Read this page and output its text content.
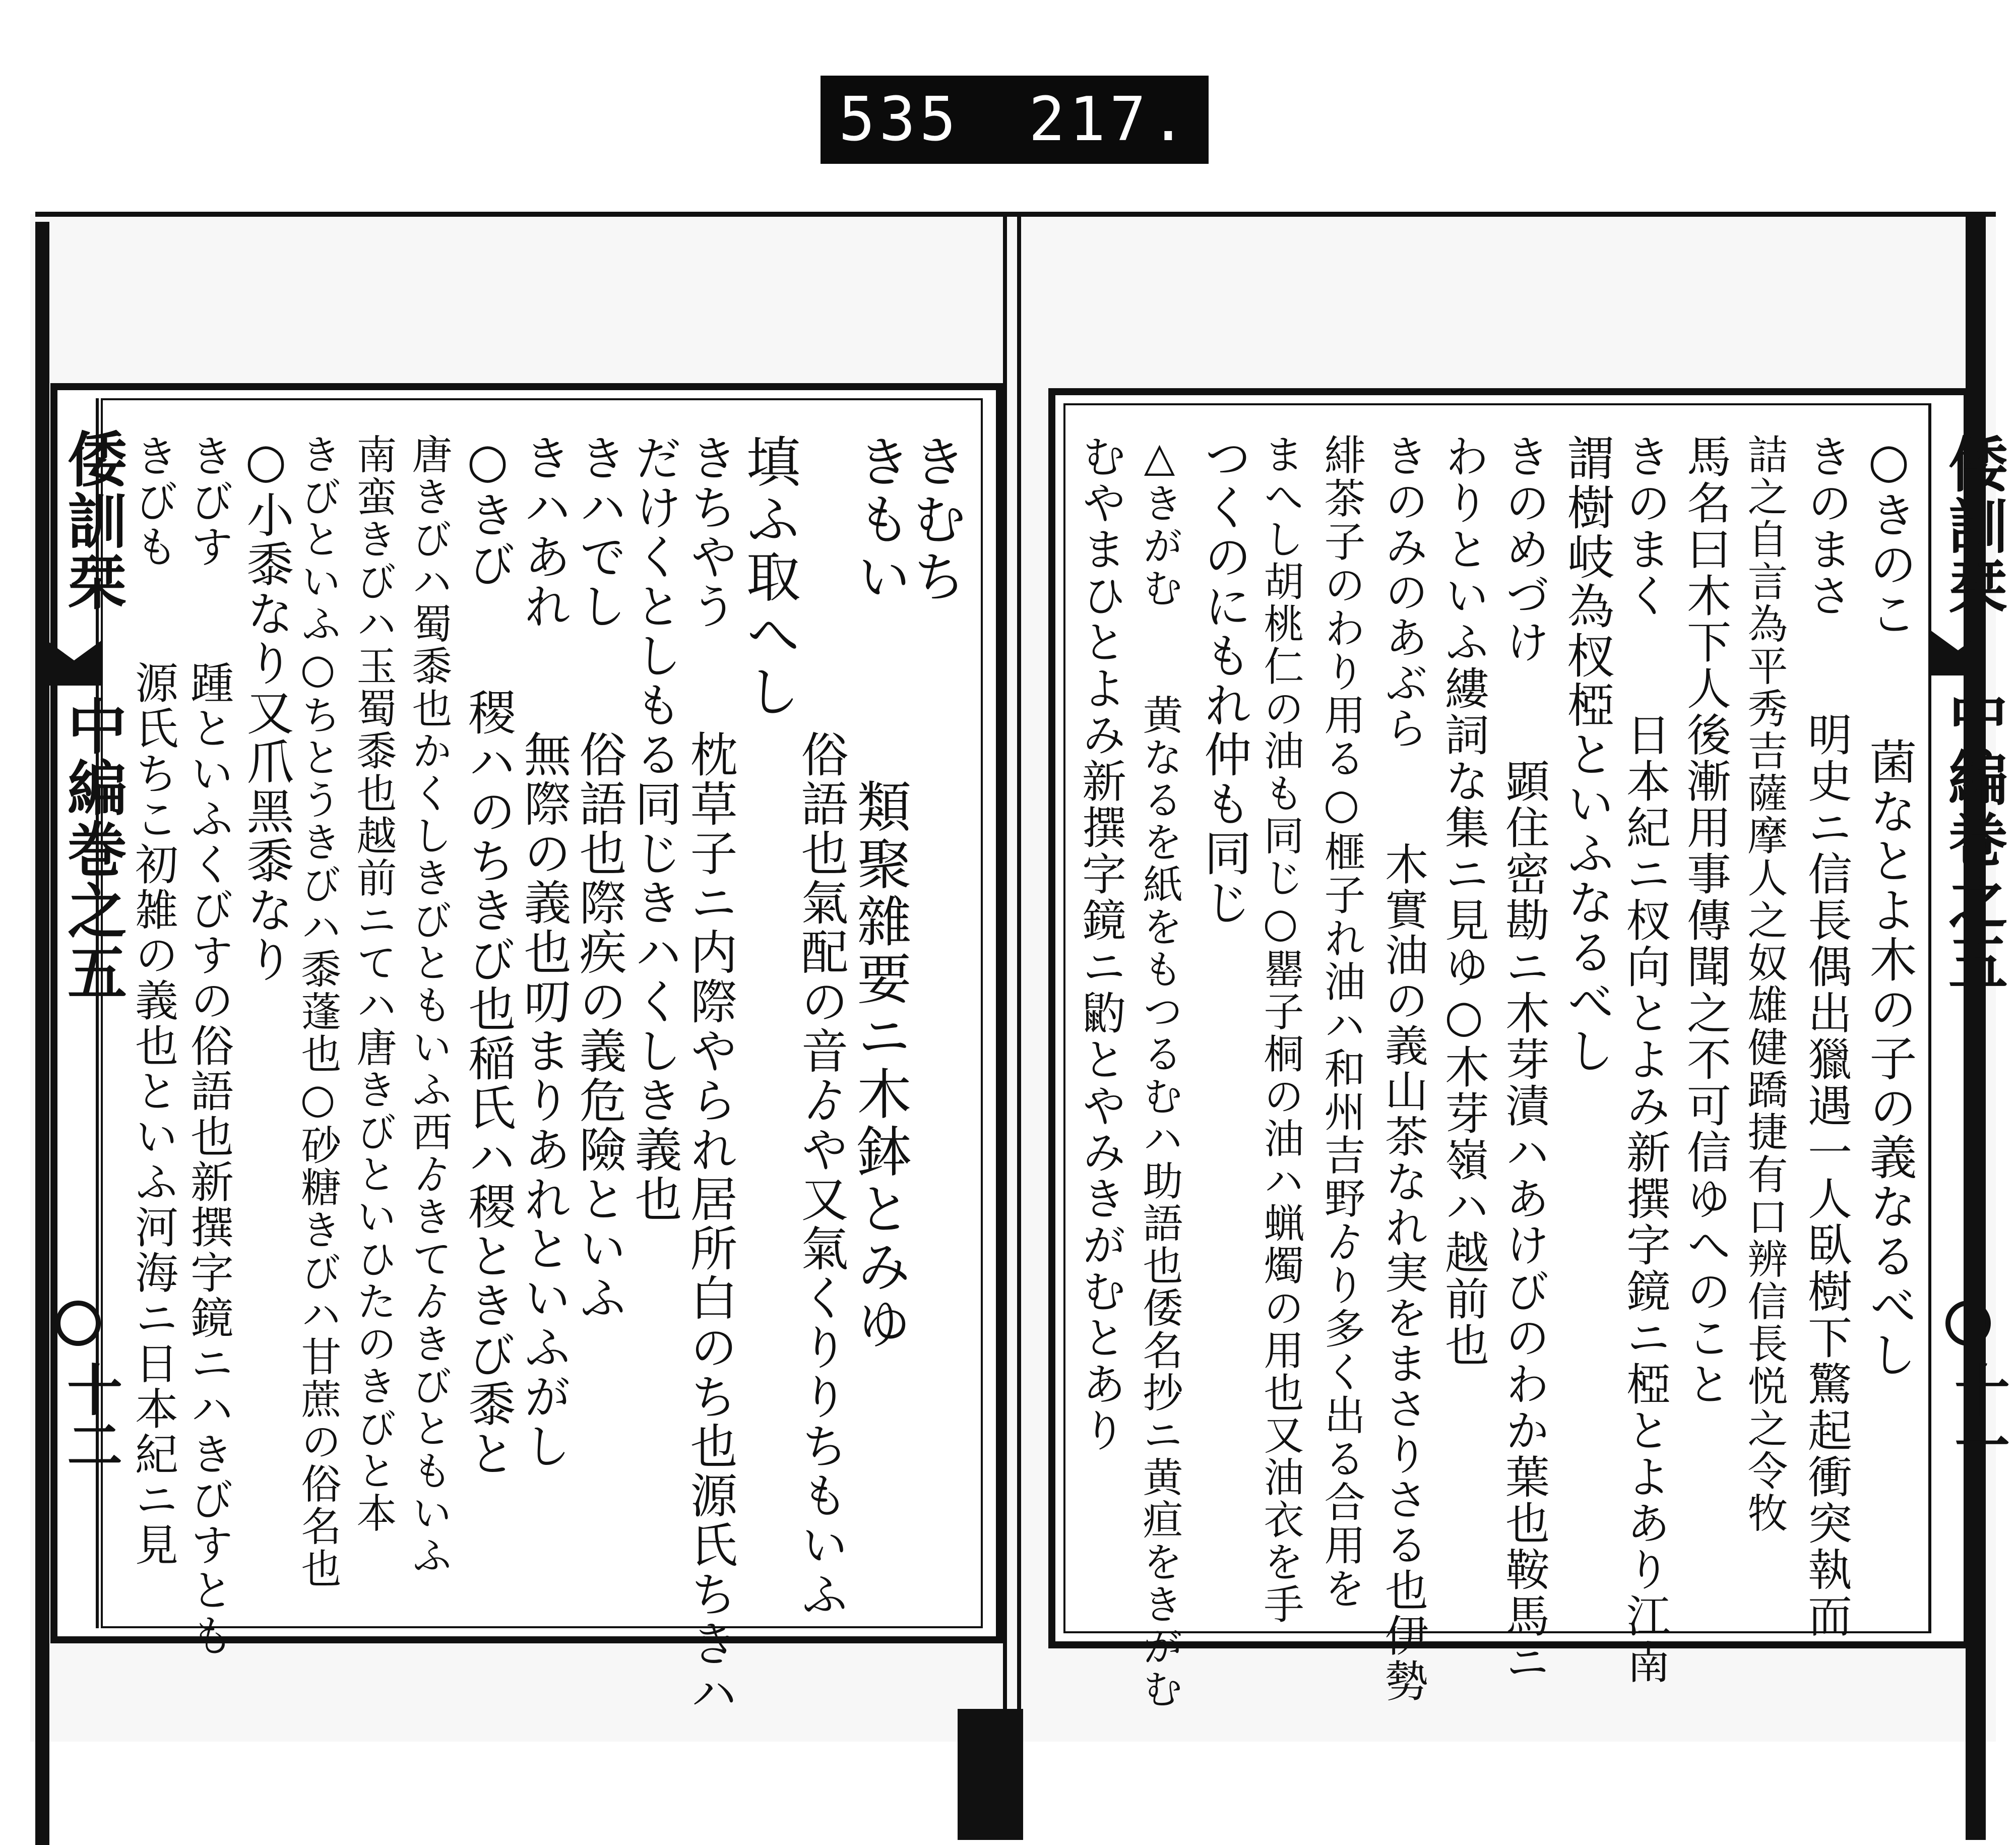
535 217.
倭訓栞
中編巻之五
十二
きむち
きもい　　　類聚雜要ニ木鉢とみゆ
　　　　　　俗語也氣配の音ゟや又氣くりりちもいふ
填ふ取へし
きちやう　　枕草子ニ内際やられ居所白のち也源氏ちきハ
だけくとしもる同じきハくしき義也
きハでし　　俗語也際疾の義危險といふ
きハあれ　　無際の義也叨まりあれといふがし
○きび　　稷ハのちきび也稲氏ハ稷ときび黍と
唐きびハ蜀黍也かくしきびともいふ西ゟきてゟきびともいふ
南蛮きびハ玉蜀黍也越前ニてハ唐きびといひたのきびと本
きびといふ○ちとうきびハ黍蓬也○砂糖きびハ甘蔗の俗名也
○小黍なり又爪黑黍なり
きびす　　踵といふくびすの俗語也新撰字鏡ニハきびすとも
きびも　　源氏ちこ初雑の義也といふ河海ニ日本紀ニ見	倭訓栞
中編巻之五
十一
○きのこ　　菌なとよ木の子の義なるべし
きのまさ　　明史ニ信長偶出獵遇一人臥樹下驚起衝突執而
詰之自言為平秀吉薩摩人之奴雄健蹻捷有口辨信長悦之令牧
馬名曰木下人後漸用事傳聞之不可信ゆへのこと
きのまく　　日本紀ニ杈向とよみ新撰字鏡ニ椏とよあり江南
謂樹岐為杈椏といふなるべし
きのめづけ　　顕住密勘ニ木芽漬ハあけびのわか葉也鞍馬ニ
わりといふ縷詞な集ニ見ゆ○木芽嶺ハ越前也
きのみのあぶら　　木實油の義山茶なれ実をまさりさる也伊勢
緋茶子のわり用る○榧子れ油ハ和州吉野ゟり多く出る合用を
まへし胡桃仁の油も同じ○罌子桐の油ハ蝋燭の用也又油衣を手
つくのにもれ仲も同じ
△きがむ　　黄なるを紙をもつるむハ助語也倭名抄ニ黄疸をきがむ
むやまひとよみ新撰字鏡ニ䶂とやみきがむとあり
